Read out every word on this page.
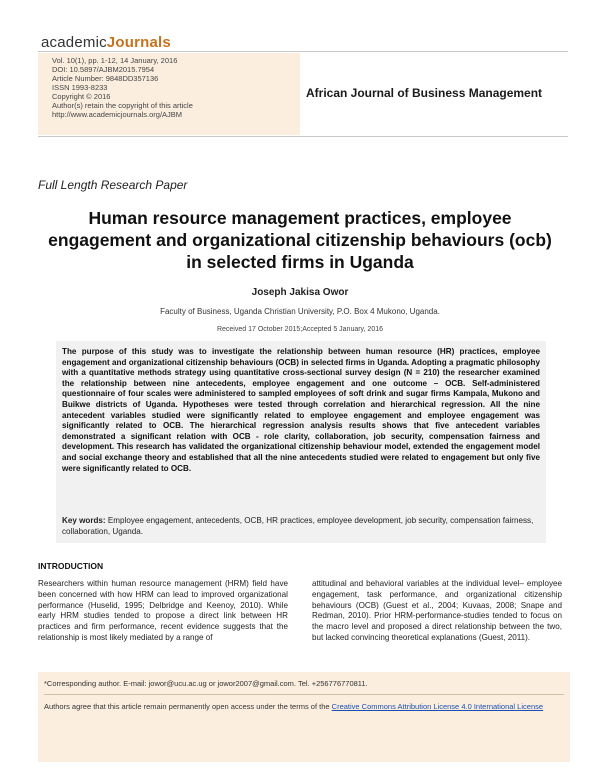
academicJournals
Vol. 10(1), pp. 1-12, 14 January, 2016
DOI: 10.5897/AJBM2015.7954
Article Number: 9848DD357136
ISSN 1993-8233
Copyright © 2016
Author(s) retain the copyright of this article
http://www.academicjournals.org/AJBM
African Journal of Business Management
Full Length Research Paper
Human resource management practices, employee engagement and organizational citizenship behaviours (ocb) in selected firms in Uganda
Joseph Jakisa Owor
Faculty of Business, Uganda Christian University, P.O. Box 4 Mukono, Uganda.
Received 17 October 2015;Accepted 5 January, 2016
The purpose of this study was to investigate the relationship between human resource (HR) practices, employee engagement and organizational citizenship behaviours (OCB) in selected firms in Uganda. Adopting a pragmatic philosophy with a quantitative methods strategy using quantitative cross-sectional survey design (N = 210) the researcher examined the relationship between nine antecedents, employee engagement and one outcome – OCB. Self-administered questionnaire of four scales were administered to sampled employees of soft drink and sugar firms Kampala, Mukono and Buikwe districts of Uganda. Hypotheses were tested through correlation and hierarchical regression. All the nine antecedent variables studied were significantly related to employee engagement and employee engagement was significantly related to OCB. The hierarchical regression analysis results shows that five antecedent variables demonstrated a significant relation with OCB - role clarity, collaboration, job security, compensation fairness and development. This research has validated the organizational citizenship behaviour model, extended the engagement model and social exchange theory and established that all the nine antecedents studied were related to engagement but only five were significantly related to OCB.
Key words: Employee engagement, antecedents, OCB, HR practices, employee development, job security, compensation fairness, collaboration, Uganda.
INTRODUCTION
Researchers within human resource management (HRM) field have been concerned with how HRM can lead to improved organizational performance (Huselid, 1995; Delbridge and Keenoy, 2010). While early HRM studies tended to propose a direct link between HR practices and firm performance, recent evidence suggests that the relationship is most likely mediated by a range of
attitudinal and behavioral variables at the individual level– employee engagement, task performance, and organizational citizenship behaviours (OCB) (Guest et al., 2004; Kuvaas, 2008; Snape and Redman, 2010). Prior HRM-performance-studies tended to focus on the macro level and proposed a direct relationship between the two, but lacked convincing theoretical explanations (Guest, 2011).
*Corresponding author. E-mail: jowor@ucu.ac.ug or jowor2007@gmail.com. Tel. +256776770811.
Authors agree that this article remain permanently open access under the terms of the Creative Commons Attribution License 4.0 International License
